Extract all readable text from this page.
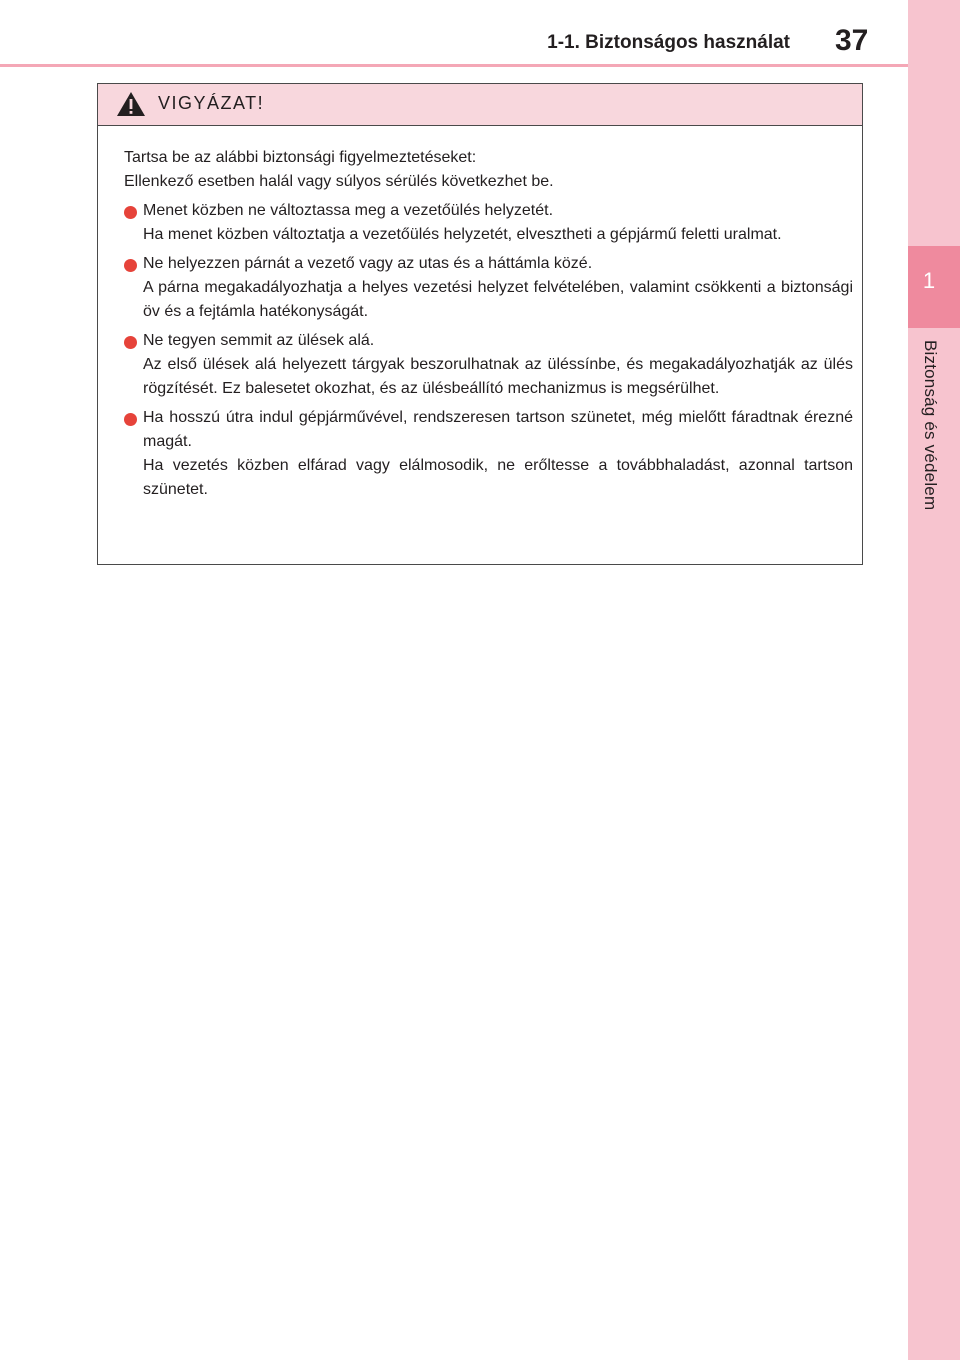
1
Biztonság és védelem
1-1. Biztonságos használat 37
VIGYÁZAT!
Tartsa be az alábbi biztonsági figyelmeztetéseket:
Ellenkező esetben halál vagy súlyos sérülés következhet be.
Menet közben ne változtassa meg a vezetőülés helyzetét.
Ha menet közben változtatja a vezetőülés helyzetét, elvesztheti a gépjármű feletti uralmat.
Ne helyezzen párnát a vezető vagy az utas és a háttámla közé.
A párna megakadályozhatja a helyes vezetési helyzet felvételében, valamint csökkenti a biztonsági öv és a fejtámla hatékonyságát.
Ne tegyen semmit az ülések alá.
Az első ülések alá helyezett tárgyak beszorulhatnak az üléssínbe, és megakadályozhatják az ülés rögzítését. Ez balesetet okozhat, és az ülésbeállító mechanizmus is megsérülhet.
Ha hosszú útra indul gépjárművével, rendszeresen tartson szünetet, még mielőtt fáradtnak érezné magát.
Ha vezetés közben elfárad vagy elálmosodik, ne erőltesse a továbbhaladást, azonnal tartson szünetet.
